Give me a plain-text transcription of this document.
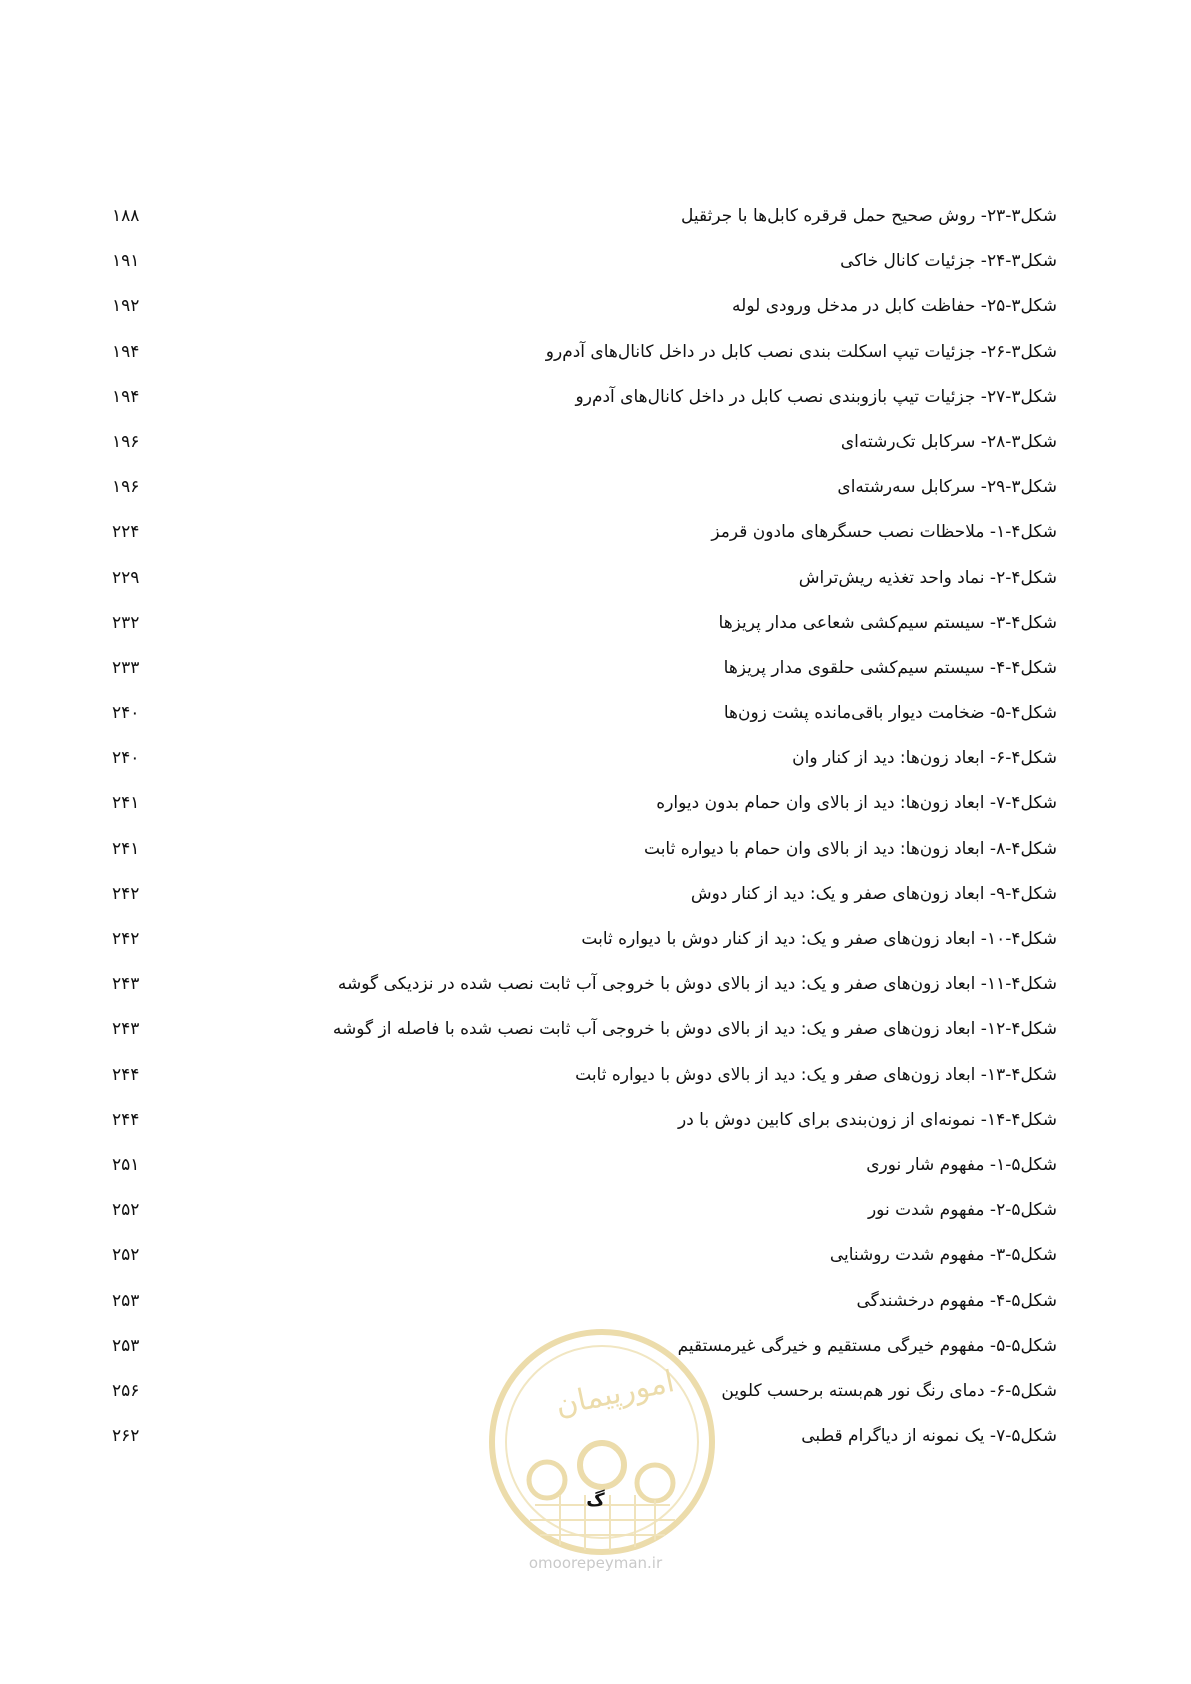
شکل۳-۲۳- روش صحیح حمل قرقره کابل‌ها با جرثقیل
۱۸۸
شکل۳-۲۴- جزئیات کانال خاکی
۱۹۱
شکل۳-۲۵- حفاظت کابل در مدخل ورودی لوله
۱۹۲
شکل۳-۲۶- جزئیات تیپ اسکلت بندی نصب کابل در داخل کانال‌های آدم‌رو
۱۹۴
شکل۳-۲۷- جزئیات تیپ بازوبندی نصب کابل در داخل کانال‌های آدم‌رو
۱۹۴
شکل۳-۲۸- سرکابل تک‌رشته‌ای
۱۹۶
شکل۳-۲۹- سرکابل سه‌رشته‌ای
۱۹۶
شکل۴-۱- ملاحظات نصب حسگرهای مادون قرمز
۲۲۴
شکل۴-۲- نماد واحد تغذیه ریش‌تراش
۲۲۹
شکل۴-۳- سیستم سیم‌کشی شعاعی مدار پریزها
۲۳۲
شکل۴-۴- سیستم سیم‌کشی حلقوی مدار پریزها
۲۳۳
شکل۴-۵- ضخامت دیوار باقی‌مانده پشت زون‌ها
۲۴۰
شکل۴-۶- ابعاد زون‌ها: دید از کنار وان
۲۴۰
شکل۴-۷- ابعاد زون‌ها: دید از بالای وان حمام بدون دیواره
۲۴۱
شکل۴-۸- ابعاد زون‌ها: دید از بالای وان حمام با دیواره ثابت
۲۴۱
شکل۴-۹- ابعاد زون‌های صفر و یک: دید از کنار دوش
۲۴۲
شکل۴-۱۰- ابعاد زون‌های صفر و یک: دید از کنار دوش با دیواره ثابت
۲۴۲
شکل۴-۱۱- ابعاد زون‌های صفر و یک: دید از بالای دوش با خروجی آب ثابت نصب شده در نزدیکی گوشه
۲۴۳
شکل۴-۱۲- ابعاد زون‌های صفر و یک: دید از بالای دوش با خروجی آب ثابت نصب شده با فاصله از گوشه
۲۴۳
شکل۴-۱۳- ابعاد زون‌های صفر و یک: دید از بالای دوش با دیواره ثابت
۲۴۴
شکل۴-۱۴- نمونه‌ای از زون‌بندی برای کابین دوش با در
۲۴۴
شکل۵-۱- مفهوم شار نوری
۲۵۱
شکل۵-۲- مفهوم شدت نور
۲۵۲
شکل۵-۳- مفهوم شدت روشنایی
۲۵۲
شکل۵-۴- مفهوم درخشندگی
۲۵۳
شکل۵-۵- مفهوم خیرگی مستقیم و خیرگی غیرمستقیم
۲۵۳
شکل۵-۶- دمای رنگ نور هم‌بسته برحسب کلوین
۲۵۶
شکل۵-۷- یک نمونه از دیاگرام قطبی
۲۶۲
امورپیمان
گ
omoorepeyman.ir
